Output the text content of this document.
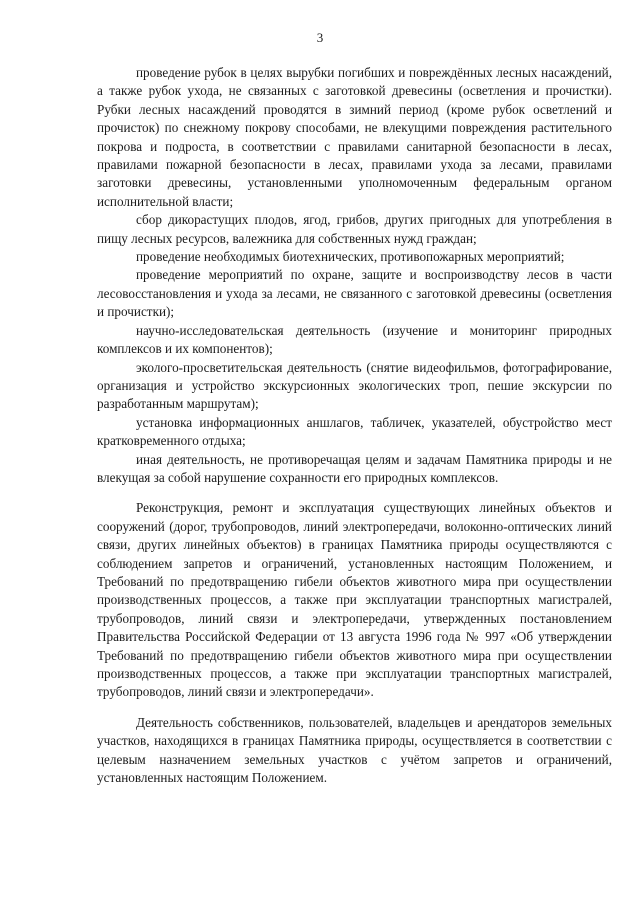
3

проведение рубок в целях вырубки погибших и повреждённых лесных насаждений, а также рубок ухода, не связанных с заготовкой древесины (осветления и прочистки). Рубки лесных насаждений проводятся в зимний период (кроме рубок осветлений и прочисток) по снежному покрову способами, не влекущими повреждения растительного покрова и подроста, в соответствии с правилами санитарной безопасности в лесах, правилами пожарной безопасности в лесах, правилами ухода за лесами, правилами заготовки древесины, установленными уполномоченным федеральным органом исполнительной власти;

сбор дикорастущих плодов, ягод, грибов, других пригодных для употребления в пищу лесных ресурсов, валежника для собственных нужд граждан;

проведение необходимых биотехнических, противопожарных мероприятий;

проведение мероприятий по охране, защите и воспроизводству лесов в части лесовосстановления и ухода за лесами, не связанного с заготовкой древесины (осветления и прочистки);

научно-исследовательская деятельность (изучение и мониторинг природных комплексов и их компонентов);

эколого-просветительская деятельность (снятие видеофильмов, фотографирование, организация и устройство экскурсионных экологических троп, пешие экскурсии по разработанным маршрутам);

установка информационных аншлагов, табличек, указателей, обустройство мест кратковременного отдыха;

иная деятельность, не противоречащая целям и задачам Памятника природы и не влекущая за собой нарушение сохранности его природных комплексов.

Реконструкция, ремонт и эксплуатация существующих линейных объектов и сооружений (дорог, трубопроводов, линий электропередачи, волоконно-оптических линий связи, других линейных объектов) в границах Памятника природы осуществляются с соблюдением запретов и ограничений, установленных настоящим Положением, и Требований по предотвращению гибели объектов животного мира при осуществлении производственных процессов, а также при эксплуатации транспортных магистралей, трубопроводов, линий связи и электропередачи, утвержденных постановлением Правительства Российской Федерации от 13 августа 1996 года № 997 «Об утверждении Требований по предотвращению гибели объектов животного мира при осуществлении производственных процессов, а также при эксплуатации транспортных магистралей, трубопроводов, линий связи и электропередачи».

Деятельность собственников, пользователей, владельцев и арендаторов земельных участков, находящихся в границах Памятника природы, осуществляется в соответствии с целевым назначением земельных участков с учётом запретов и ограничений, установленных настоящим Положением.
